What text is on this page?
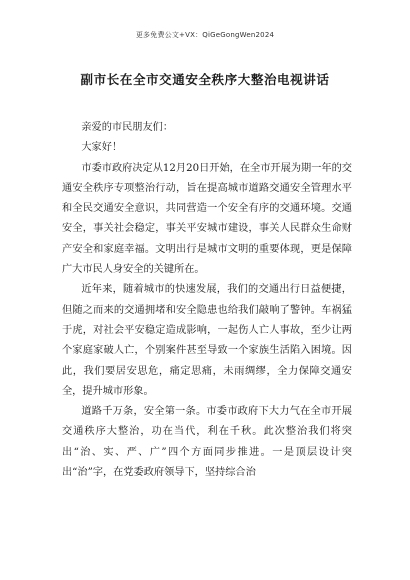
更多免费公文+VX：QiGeGongWen2024
副市长在全市交通安全秩序大整治电视讲话

亲爱的市民朋友们：

大家好！

市委市政府决定从12月20日开始，在全市开展为期一年的交通安全秩序专项整治行动，旨在提高城市道路交通安全管理水平和全民交通安全意识，共同营造一个安全有序的交通环境。交通安全，事关社会稳定，事关平安城市建设，事关人民群众生命财产安全和家庭幸福。文明出行是城市文明的重要体现，更是保障广大市民人身安全的关键所在。

近年来，随着城市的快速发展，我们的交通出行日益便捷，但随之而来的交通拥堵和安全隐患也给我们敲响了警钟。车祸猛于虎，对社会平安稳定造成影响，一起伤人亡人事故，至少让两个家庭家破人亡，个别案件甚至导致一个家族生活陷入困境。因此，我们要居安思危，痛定思痛，未雨绸缪，全力保障交通安全，提升城市形象。

道路千万条，安全第一条。市委市政府下大力气在全市开展交通秩序大整治，功在当代，利在千秋。此次整治我们将突出“治、实、严、广”四个方面同步推进。一是顶层设计突出“治”字，在党委政府领导下，坚持综合治
